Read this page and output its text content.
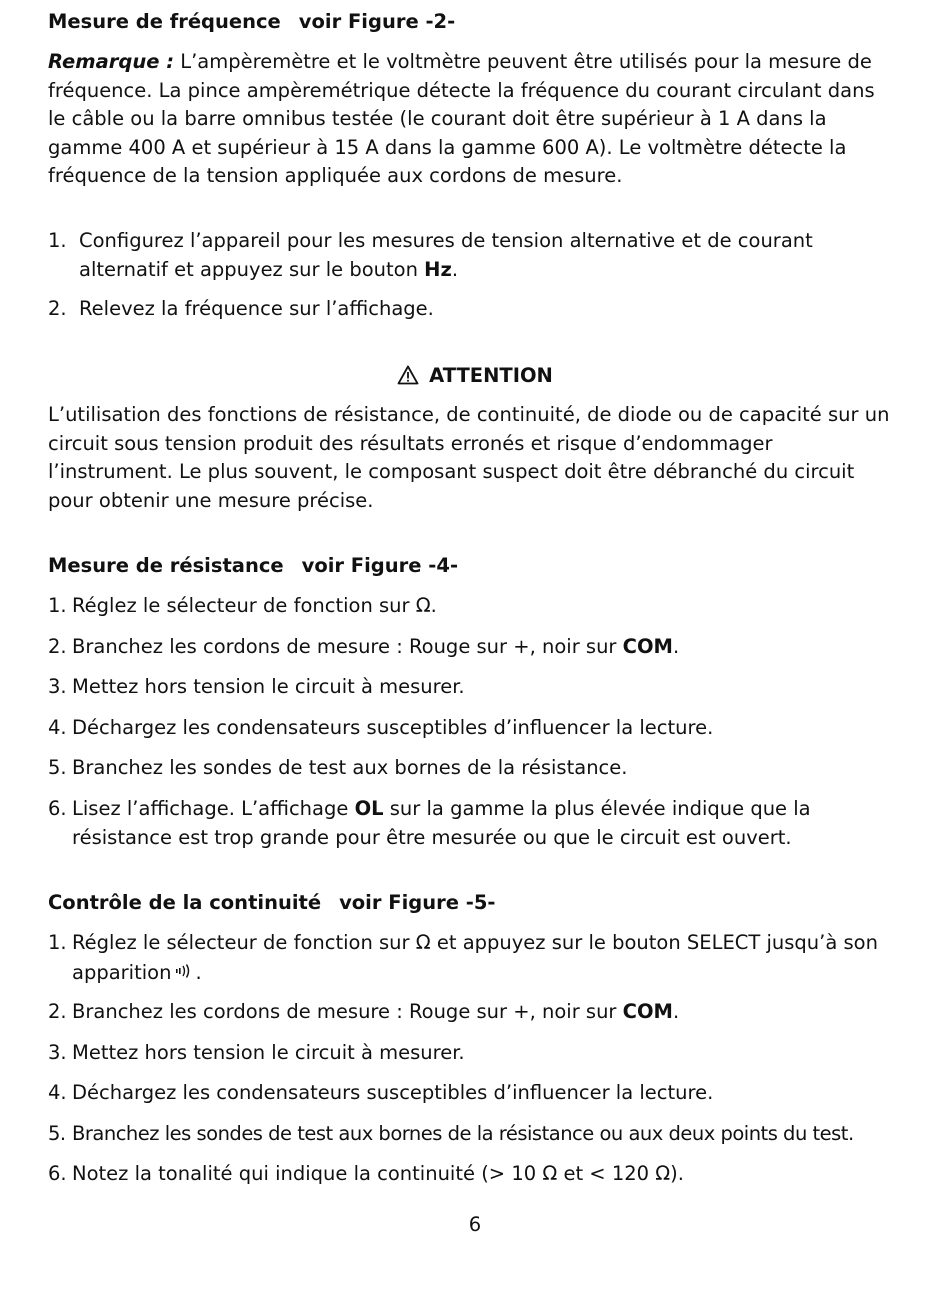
Mesure de fréquence voir Figure -2-

Remarque : L’ampèremètre et le voltmètre peuvent être utilisés pour la mesure de fréquence. La pince ampèremétrique détecte la fréquence du courant circulant dans le câble ou la barre omnibus testée (le courant doit être supérieur à 1 A dans la gamme 400 A et supérieur à 15 A dans la gamme 600 A). Le voltmètre détecte la fréquence de la tension appliquée aux cordons de mesure.

1. Configurez l’appareil pour les mesures de tension alternative et de courant alternatif et appuyez sur le bouton Hz.
2. Relevez la fréquence sur l’affichage.
ATTENTION

L’utilisation des fonctions de résistance, de continuité, de diode ou de capacité sur un circuit sous tension produit des résultats erronés et risque d’endommager l’instrument. Le plus souvent, le composant suspect doit être débranché du circuit pour obtenir une mesure précise.

Mesure de résistance voir Figure -4-
1. Réglez le sélecteur de fonction sur Ω.
2. Branchez les cordons de mesure : Rouge sur +, noir sur COM.
3. Mettez hors tension le circuit à mesurer.
4. Déchargez les condensateurs susceptibles d’influencer la lecture.
5. Branchez les sondes de test aux bornes de la résistance.
6. Lisez l’affichage. L’affichage OL sur la gamme la plus élevée indique que la résistance est trop grande pour être mesurée ou que le circuit est ouvert.
Contrôle de la continuité voir Figure -5-
1. Réglez le sélecteur de fonction sur Ω et appuyez sur le bouton SELECT jusqu’à son apparition .
2. Branchez les cordons de mesure : Rouge sur +, noir sur COM.
3. Mettez hors tension le circuit à mesurer.
4. Déchargez les condensateurs susceptibles d’influencer la lecture.
5. Branchez les sondes de test aux bornes de la résistance ou aux deux points du test.
6. Notez la tonalité qui indique la continuité (> 10 Ω et < 120 Ω).
6
